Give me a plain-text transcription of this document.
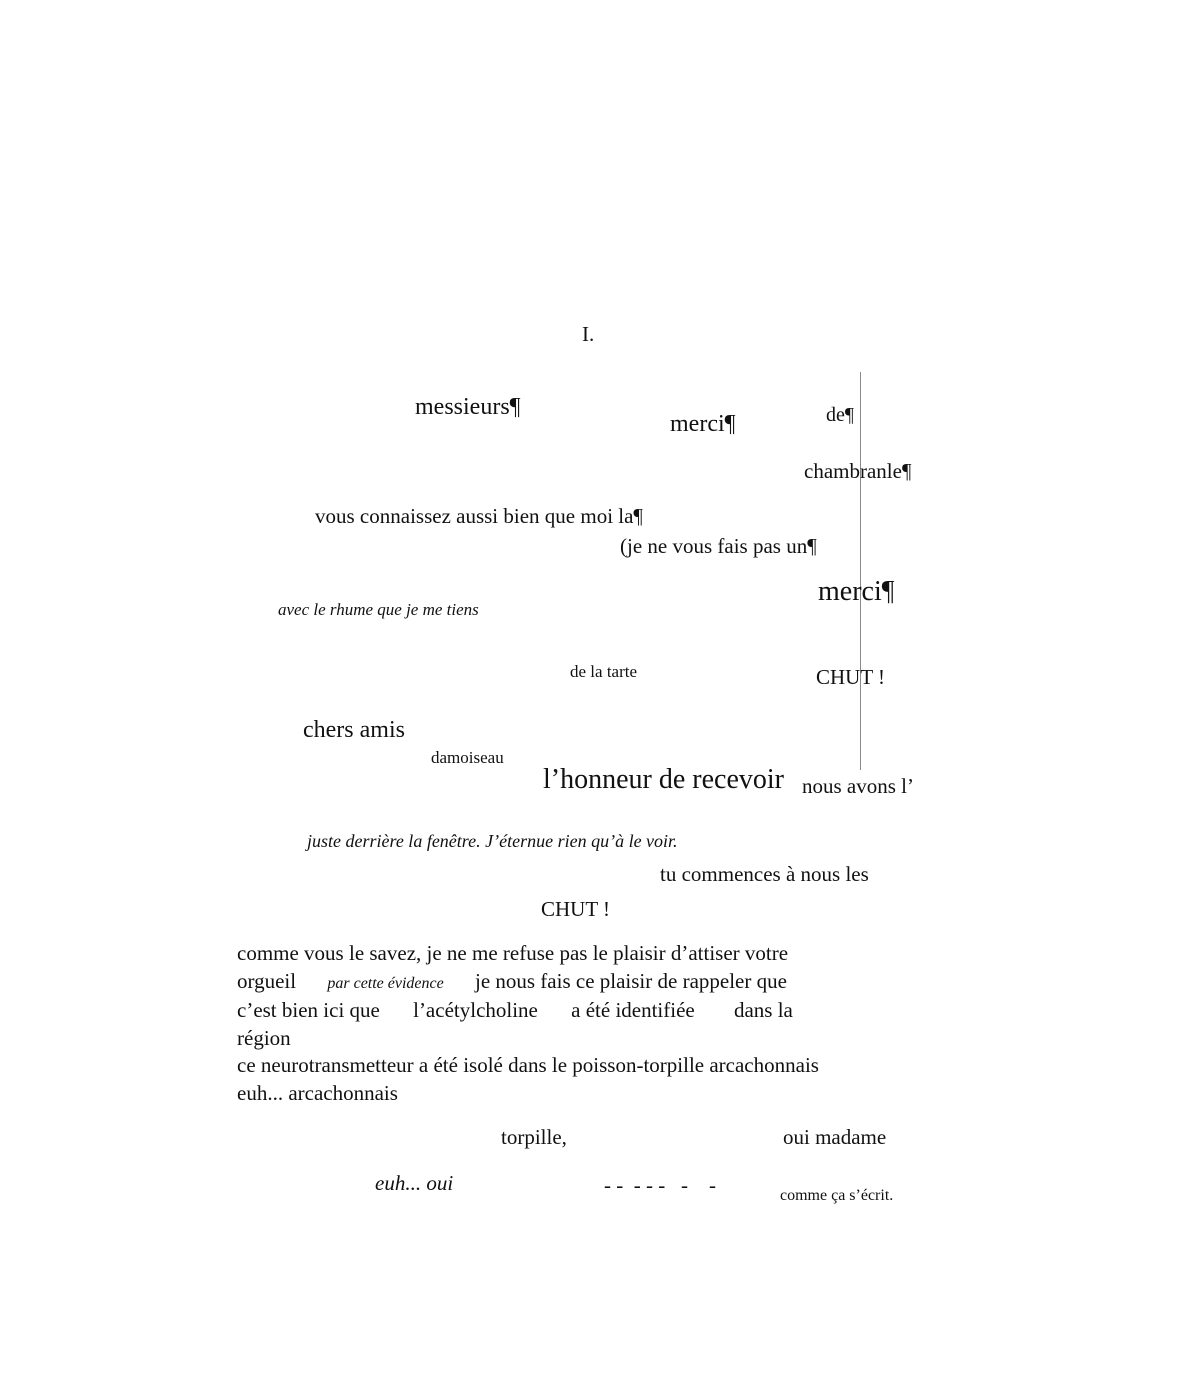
I.
messieurs¶
merci¶	de¶
chambranle¶
vous connaissez aussi bien que moi la¶
(je ne vous fais pas un¶
merci¶
avec le rhume que je me tiens
de la tarte	CHUT !
chers amis
damoiseau
l’honneur de recevoir nous avons l’
juste derrière la fenêtre. J’éternue rien qu’à le voir.
tu commences à nous les
CHUT !
comme vous le savez, je ne me refuse pas le plaisir d’attiser votre
orgueil par cette évidence je nous fais ce plaisir de rappeler que
c’est bien ici que l’acétylcholine a été identifiée dans la
région
ce neurotransmetteur a été isolé dans le poisson-torpille arcachonnais
euh... arcachonnais
torpille,	oui madame
euh... oui	- -  - - -   -    -	comme ça s’écrit.
